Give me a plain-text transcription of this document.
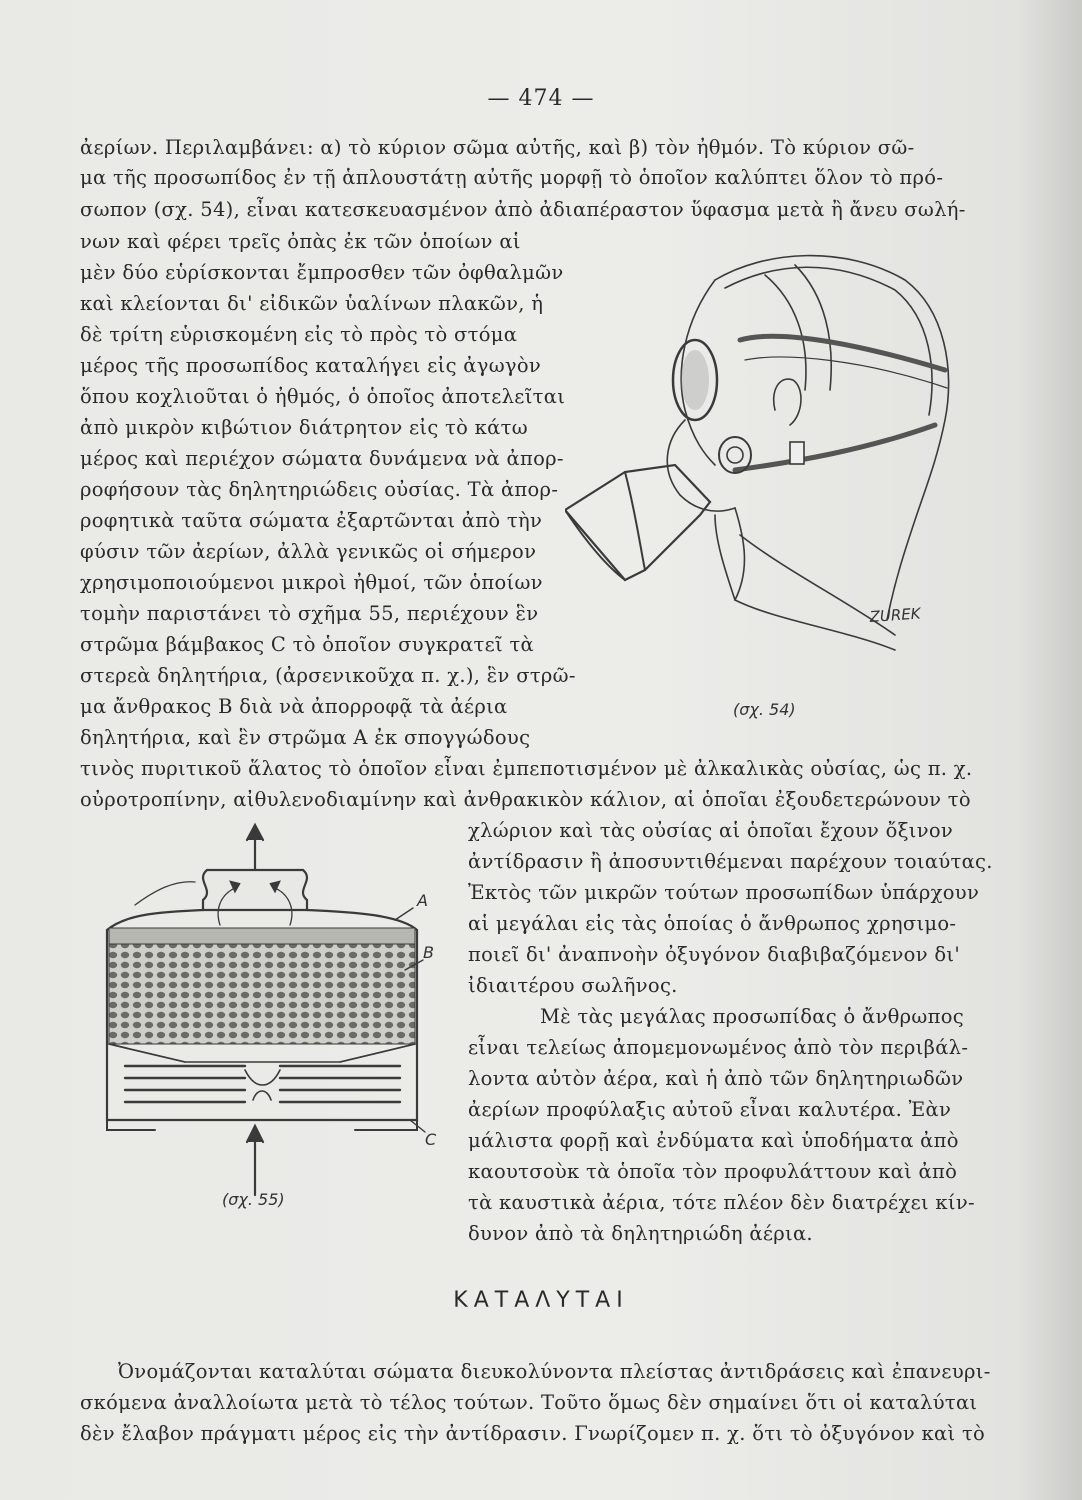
— 474 —
ἀερίων. Περιλαμβάνει: α) τὸ κύριον σῶμα αὐτῆς, καὶ β) τὸν ἠθμόν. Τὸ κύριον σῶ-
μα τῆς προσωπίδος ἐν τῇ ἁπλουστάτῃ αὐτῆς μορφῇ τὸ ὁποῖον καλύπτει ὅλον τὸ πρό-
σωπον (σχ. 54), εἶναι κατεσκευασμένον ἀπὸ ἀδιαπέραστον ὕφασμα μετὰ ἢ ἄνευ σωλή-
νων καὶ φέρει τρεῖς ὀπὰς ἐκ τῶν ὁποίων αἱ
μὲν δύο εὑρίσκονται ἔμπροσθεν τῶν ὀφθαλμῶν
καὶ κλείονται δι' εἰδικῶν ὑαλίνων πλακῶν, ἡ
δὲ τρίτη εὑρισκομένη εἰς τὸ πρὸς τὸ στόμα
μέρος τῆς προσωπίδος καταλήγει εἰς ἀγωγὸν
ὅπου κοχλιοῦται ὁ ἠθμός, ὁ ὁποῖος ἀποτελεῖται
ἀπὸ μικρὸν κιβώτιον διάτρητον εἰς τὸ κάτω
μέρος καὶ περιέχον σώματα δυνάμενα νὰ ἀπορ-
ροφήσουν τὰς δηλητηριώδεις οὐσίας. Τὰ ἀπορ-
ροφητικὰ ταῦτα σώματα ἐξαρτῶνται ἀπὸ τὴν
φύσιν τῶν ἀερίων, ἀλλὰ γενικῶς οἱ σήμερον
χρησιμοποιούμενοι μικροὶ ἠθμοί, τῶν ὁποίων
τομὴν παριστάνει τὸ σχῆμα 55, περιέχουν ἓν
στρῶμα βάμβακος C τὸ ὁποῖον συγκρατεῖ τὰ
στερεὰ δηλητήρια, (ἀρσενικοῦχα π. χ.), ἓν στρῶ-
μα ἄνθρακος B διὰ νὰ ἀπορροφᾷ τὰ ἀέρια
δηλητήρια, καὶ ἓν στρῶμα A ἐκ σπογγώδους
τινὸς πυριτικοῦ ἅλατος τὸ ὁποῖον εἶναι ἐμπεποτισμένον μὲ ἀλκαλικὰς οὐσίας, ὡς π. χ.
οὐροτροπίνην, αἰθυλενοδιαμίνην καὶ ἀνθρακικὸν κάλιον, αἱ ὁποῖαι ἐξουδετερώνουν τὸ
χλώριον καὶ τὰς οὐσίας αἱ ὁποῖαι ἔχουν ὄξινον
ἀντίδρασιν ἢ ἀποσυντιθέμεναι παρέχουν τοιαύτας.
Ἐκτὸς τῶν μικρῶν τούτων προσωπίδων ὑπάρχουν
αἱ μεγάλαι εἰς τὰς ὁποίας ὁ ἄνθρωπος χρησιμο-
ποιεῖ δι' ἀναπνοὴν ὀξυγόνον διαβιβαζόμενον δι'
ἰδιαιτέρου σωλῆνος.
Μὲ τὰς μεγάλας προσωπίδας ὁ ἄνθρωπος
εἶναι τελείως ἀπομεμονωμένος ἀπὸ τὸν περιβάλ-
λοντα αὐτὸν ἀέρα, καὶ ἡ ἀπὸ τῶν δηλητηριωδῶν
ἀερίων προφύλαξις αὐτοῦ εἶναι καλυτέρα. Ἐὰν
μάλιστα φορῇ καὶ ἐνδύματα καὶ ὑποδήματα ἀπὸ
καουτσοὺκ τὰ ὁποῖα τὸν προφυλάττουν καὶ ἀπὸ
τὰ καυστικὰ ἀέρια, τότε πλέον δὲν διατρέχει κίν-
δυνον ἀπὸ τὰ δηλητηριώδη ἀέρια.
ZUREK
(σχ. 54)
A
B
C
(σχ. 55)
ΚΑΤΑΛΥΤΑΙ
Ὀνομάζονται καταλύται σώματα διευκολύνοντα πλείστας ἀντιδράσεις καὶ ἐπανευρι-
σκόμενα ἀναλλοίωτα μετὰ τὸ τέλος τούτων. Τοῦτο ὅμως δὲν σημαίνει ὅτι οἱ καταλύται
δὲν ἔλαβον πράγματι μέρος εἰς τὴν ἀντίδρασιν. Γνωρίζομεν π. χ. ὅτι τὸ ὀξυγόνον καὶ τὸ
